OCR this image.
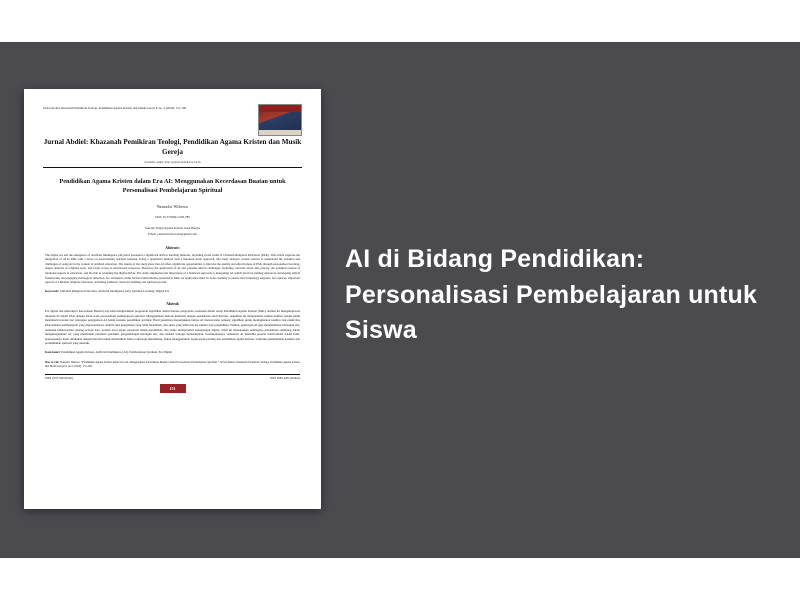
Jurnal Abdiel: Khazanah Pemikiran Teologi, Pendidikan Agama Kristen dan Musik Gereja 8, no. 2 (2024): 151-169
Jurnal Abdiel: Khazanah Pemikiran Teologi, Pendidikan Agama Kristen dan Musik Gereja
Available online: http://journal.sttabdiel.ac.id/JA
Pendidikan Agama Kristen dalam Era AI: Menggunakan Kecerdasan Buatan untuk Personalisasi Pembelajaran Spiritual
Yunasdri Wibowo
DOI: 10.37368/ja.v8i2.786
Sekolah Tinggi Agama Kristen Anak Bangsa
Email: yunasdriwibowo02@gmail.com
Abstract:
The digital era and the emergence of Artificial Intelligence (AI) have presented a significant shift in teaching methods, including in the realm of Christian Religious Education (PAK). This article explores the integration of AI in PAK with a focus on personalising spiritual learning. Using a qualitative method with a literature study approach, this study analyses current sources to understand the potential and challenges of using AI in the context of spiritual education. The results of the study show that AI offers significant opportunities to improve the quality and effectiveness of PAK through personalised learning, deeper analysis of religious texts, and wider access to educational resources. However, the application of AI also presents ethical challenges, including concerns about data privacy, the potential erosion of relational aspects in education, and the risk of widening the digital divide. The study emphasises the importance of a balanced approach to integrating AI, which involves training educators, developing ethical frameworks, and engaging theological reflection. In conclusion, while AI has transformative potential in PAK, its application must be done carefully to ensure that technology supports, not replaces, important aspects of Christian religious education, including authentic character building and spiritual growth.
Keywords: Christian Religious Education, Artificial Intelligence (AI), Spiritual Learning, Digital Era
Abstrak
Era digital dan munculnya Kecerdasan Buatan (AI) telah menghadirkan pergeseran signifikan dalam metode pengajaran, termasuk dalam ranah Pendidikan Agama Kristen (PAK). Artikel ini mengeksplorasi integrasi AI dalam PAK dengan fokus pada personalisasi pembelajaran spiritual. Menggunakan metode kualitatif dengan pendekatan studi literatur, penelitian ini menganalisis sumber-sumber terkini untuk memahami potensi dan tantangan penggunaan AI dalam konteks pendidikan spiritual. Hasil penelitian menunjukkan bahwa AI menawarkan peluang signifikan untuk meningkatkan kualitas dan efektivitas PAK melalui pembelajaran yang dipersonalisasi, analisis teks keagamaan yang lebih mendalam, dan akses yang lebih luas ke sumber daya pendidikan. Namun, penerapan AI juga menghadirkan tantangan etis, termasuk kekhawatiran tentang privasi data, potensi erosi aspek relasional dalam pendidikan, dan risiko memperlebar kesenjangan digital. Studi ini menekankan pentingnya pendekatan seimbang dalam mengintegrasikan AI, yang melibatkan pelatihan pendidik, pengembangan kerangka etis, dan refleksi teologis berkelanjutan. Kesimpulannya, sementara AI memiliki potensi transformatif dalam PAK, penerapannya harus dilakukan dengan hati-hati untuk memastikan bahwa teknologi mendukung, bukan menggantikan, aspek-aspek penting dari pendidikan agama Kristen, termasuk pembentukan karakter dan pertumbuhan spiritual yang autentik.
Kata kunci: Pendidikan Agama Kristen, Artificial Intelligence (AI), Pembelajaran Spiritual, Era Digital
How to Cite: Yunasdri Wibowo, "Pendidikan Agama Kristen dalam Era AI: Menggunakan Kecerdasan Buatan untuk Personalisasi Pembelajaran Spiritual," Jurnal Abdiel: Khazanah Pemikiran Teologi, Pendidikan Agama Kristen dan Musik Gereja 8, no.2 (2024): 151-169.
ISSN 2579-7263 (Print)	ISSN 2685-3205 (Online)
151
AI di Bidang Pendidikan: Personalisasi Pembelajaran untuk Siswa
